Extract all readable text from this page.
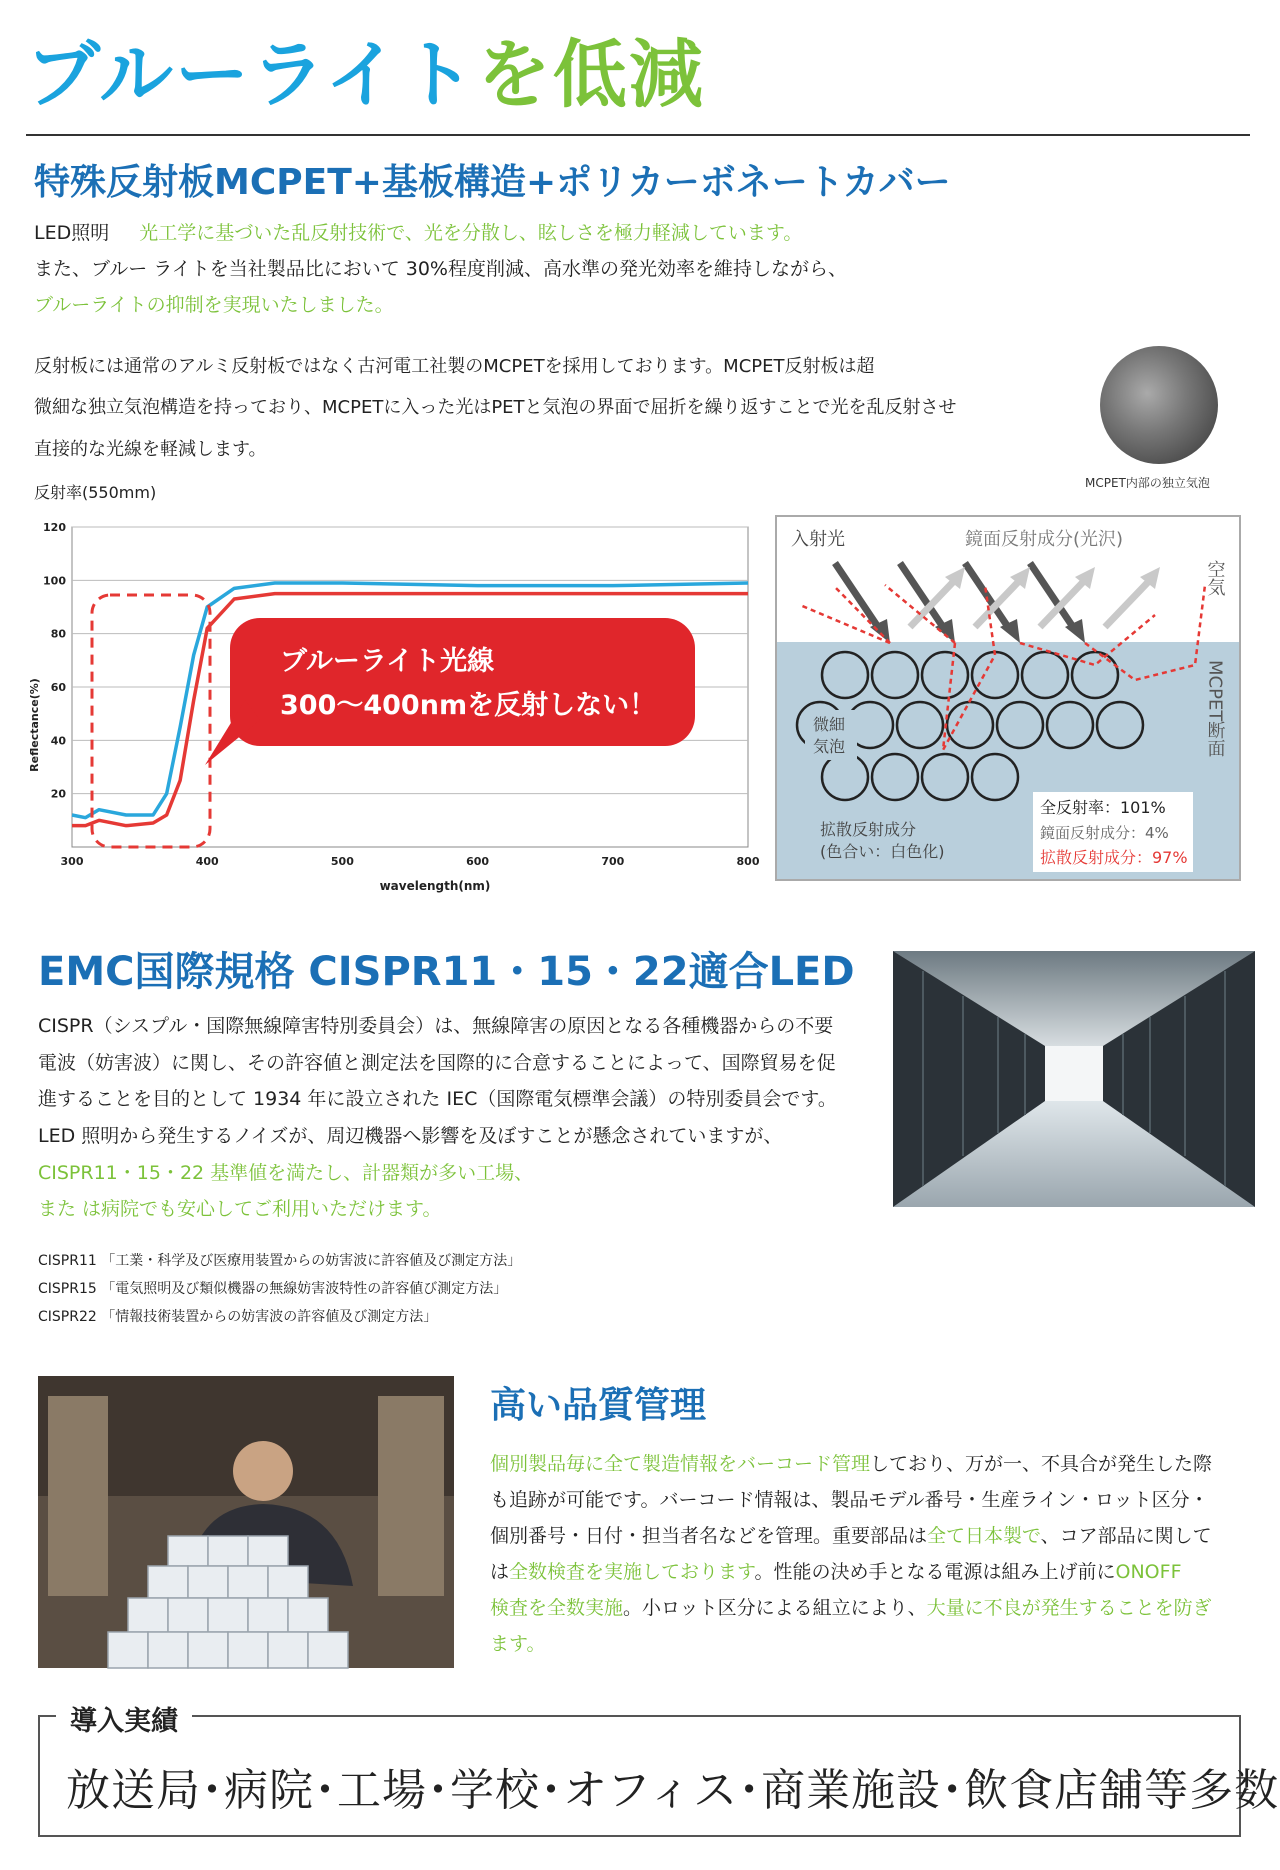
ブルーライトを低減
特殊反射板MCPET+基板構造+ポリカーボネートカバー
LED照明 光工学に基づいた乱反射技術で、光を分散し、眩しさを極力軽減しています。
また、ブルー ライトを当社製品比において 30%程度削減、高水準の発光効率を維持しながら、
ブルーライトの抑制を実現いたしました。
反射板には通常のアルミ反射板ではなく古河電工社製のMCPETを採用しております。MCPET反射板は超
微細な独立気泡構造を持っており、MCPETに入った光はPETと気泡の界面で屈折を繰り返すことで光を乱反射させ
直接的な光線を軽減します。
MCPET内部の独立気泡
反射率(550mm)
20
40
60
80
100
120
300	400	500	600	700	800
wavelength(nm)
Reflectance(%)
ブルーライト光線
300～400nmを反射しない！
入射光	鏡面反射成分(光沢)
空気
MCPET断面
微細
気泡
拡散反射成分
(色合い：白色化)
全反射率：101%
鏡面反射成分：4%
拡散反射成分：97%
EMC国際規格 CISPR11・15・22適合LED
CISPR（シスプル・国際無線障害特別委員会）は、無線障害の原因となる各種機器からの不要
電波（妨害波）に関し、その許容値と測定法を国際的に合意することによって、国際貿易を促
進することを目的として 1934 年に設立された IEC（国際電気標準会議）の特別委員会です。
LED 照明から発生するノイズが、周辺機器へ影響を及ぼすことが懸念されていますが、
CISPR11・15・22 基準値を満たし、計器類が多い工場、
また は病院でも安心してご利用いただけます。
CISPR11 「工業・科学及び医療用装置からの妨害波に許容値及び測定方法」
CISPR15 「電気照明及び類似機器の無線妨害波特性の許容値び測定方法」
CISPR22 「情報技術装置からの妨害波の許容値及び測定方法」
高い品質管理
個別製品毎に全て製造情報をバーコード管理しており、万が一、不具合が発生した際
も追跡が可能です。バーコード情報は、製品モデル番号・生産ライン・ロット区分・
個別番号・日付・担当者名などを管理。重要部品は全て日本製で、コア部品に関して
は全数検査を実施しております。性能の決め手となる電源は組み上げ前にONOFF
検査を全数実施。小ロット区分による組立により、大量に不良が発生することを防ぎ
ます。
導入実績
放送局･病院･工場･学校･オフィス･商業施設･飲食店舗等多数
